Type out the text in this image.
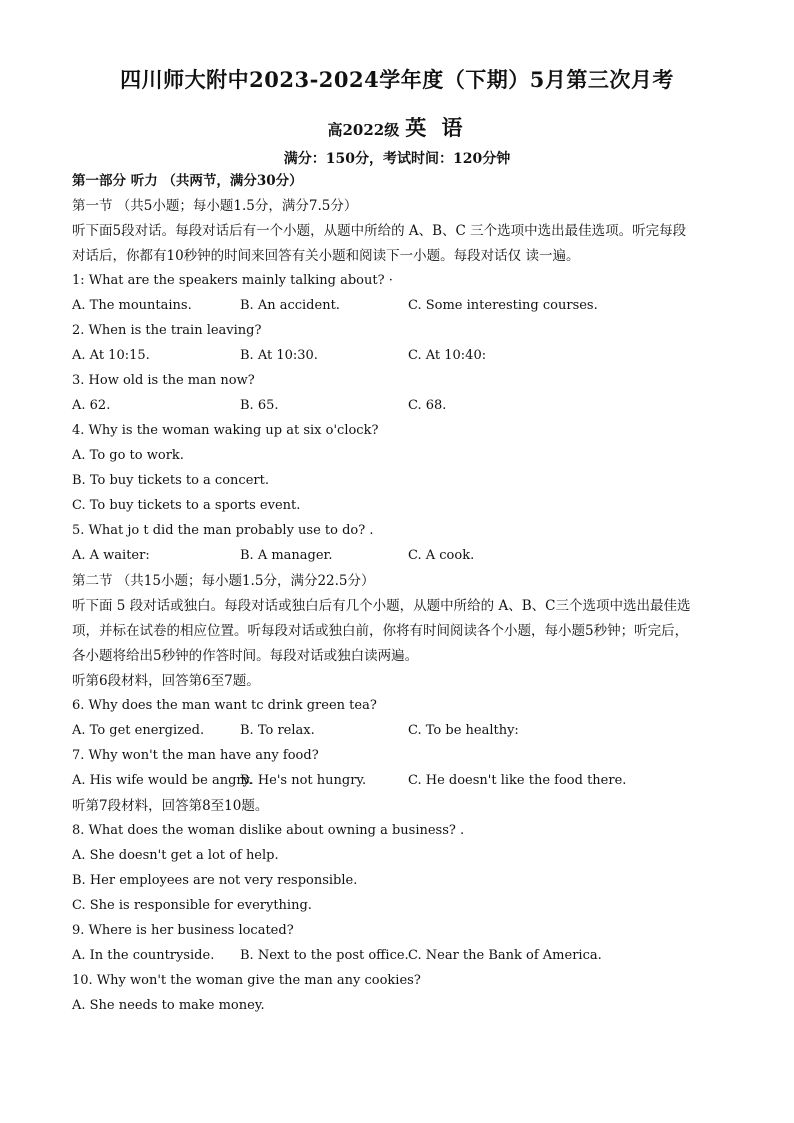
四川师大附中2023-2024学年度（下期）5月第三次月考
高2022级 英 语
满分：150分，考试时间：120分钟
第一部分 听力 （共两节，满分30分）
第一节 （共5小题；每小题1.5分，满分7.5分）
听下面5段对话。每段对话后有一个小题，从题中所给的 A、B、C 三个选项中选出最佳选项。听完每段
对话后，你都有10秒钟的时间来回答有关小题和阅读下一小题。每段对话仅 读一遍。
1: What are the speakers mainly talking about? ·
A. The mountains.	B. An accident.	C. Some interesting courses.
2. When is the train leaving?
A. At 10:15.	B. At 10:30.	C. At 10:40:
3. How old is the man now?
A. 62.	B. 65.	C. 68.
4. Why is the woman waking up at six o'clock?
A. To go to work.
B. To buy tickets to a concert.
C. To buy tickets to a sports event.
5. What jo t did the man probably use to do? .
A. A waiter:	B. A manager.	C. A cook.
第二节 （共15小题；每小题1.5分，满分22.5分）
听下面 5 段对话或独白。每段对话或独白后有几个小题，从题中所给的 A、B、C三个选项中选出最佳选
项，并标在试卷的相应位置。听每段对话或独白前，你将有时间阅读各个小题，每小题5秒钟；听完后，
各小题将给出5秒钟的作答时间。每段对话或独白读两遍。
听第6段材料，回答第6至7题。
6. Why does the man want tc drink green tea?
A. To get energized.	B. To relax.	C. To be healthy:
7. Why won't the man have any food?
A. His wife would be angry.
B. He's not hungry.	C. He doesn't like the food there.
听第7段材料，回答第8至10题。
8. What does the woman dislike about owning a business? .
A. She doesn't get a lot of help.
B. Her employees are not very responsible.
C. She is responsible for everything.
9. Where is her business located?
A. In the countryside. B. Next to the post office. C. Near the Bank of America.
10. Why won't the woman give the man any cookies?
A. She needs to make money.
